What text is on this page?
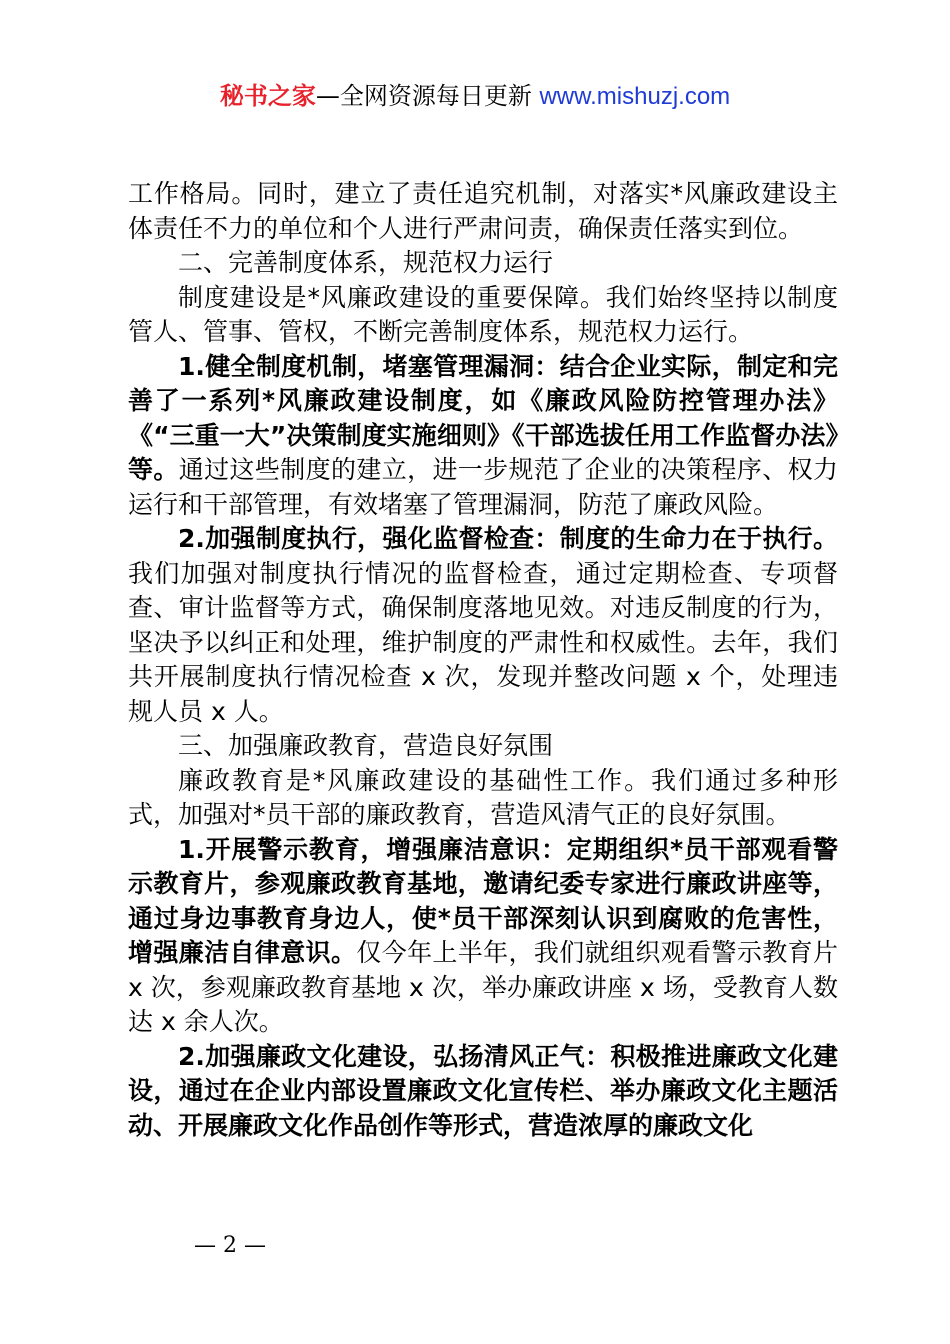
秘书之家—全网资源每日更新 www.mishuzj.com

工作格局。同时，建立了责任追究机制，对落实*风廉政建设主体责任不力的单位和个人进行严肃问责，确保责任落实到位。

二、完善制度体系，规范权力运行

制度建设是*风廉政建设的重要保障。我们始终坚持以制度管人、管事、管权，不断完善制度体系，规范权力运行。

1.健全制度机制，堵塞管理漏洞：结合企业实际，制定和完善了一系列*风廉政建设制度，如《廉政风险防控管理办法》《“三重一大”决策制度实施细则》《干部选拔任用工作监督办法》等。通过这些制度的建立，进一步规范了企业的决策程序、权力运行和干部管理，有效堵塞了管理漏洞，防范了廉政风险。

2.加强制度执行，强化监督检查：制度的生命力在于执行。我们加强对制度执行情况的监督检查，通过定期检查、专项督查、审计监督等方式，确保制度落地见效。对违反制度的行为，坚决予以纠正和处理，维护制度的严肃性和权威性。去年，我们共开展制度执行情况检查 x 次，发现并整改问题 x 个，处理违规人员 x 人。

三、加强廉政教育，营造良好氛围

廉政教育是*风廉政建设的基础性工作。我们通过多种形式，加强对*员干部的廉政教育，营造风清气正的良好氛围。

1.开展警示教育，增强廉洁意识：定期组织*员干部观看警示教育片，参观廉政教育基地，邀请纪委专家进行廉政讲座等，通过身边事教育身边人，使*员干部深刻认识到腐败的危害性，增强廉洁自律意识。仅今年上半年，我们就组织观看警示教育片 x 次，参观廉政教育基地 x 次，举办廉政讲座 x 场，受教育人数达 x 余人次。

2.加强廉政文化建设，弘扬清风正气：积极推进廉政文化建设，通过在企业内部设置廉政文化宣传栏、举办廉政文化主题活动、开展廉政文化作品创作等形式，营造浓厚的廉政文化

— 2 —
